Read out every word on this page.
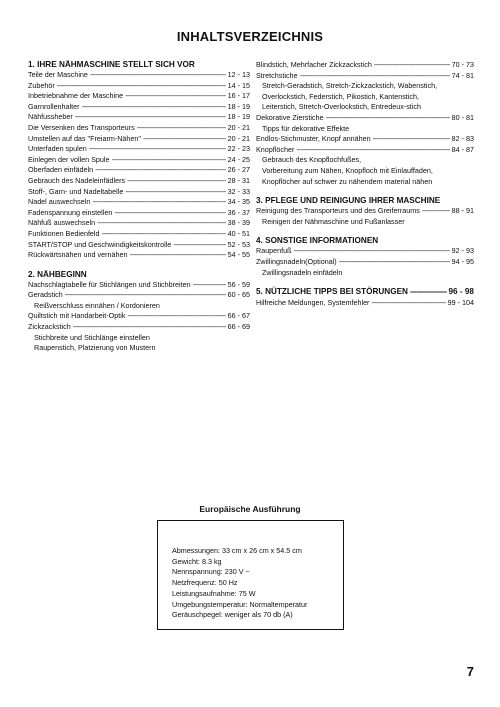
INHALTSVERZEICHNIS
1. IHRE NÄHMASCHINE STELLT SICH VOR
Teile der Maschine -----	12 - 13
Zubehör -----	14 - 15
Inbetriebnahme der Maschine -----	16 - 17
Garnrollenhalter -----	18 - 19
Nähfussheber -----	18 - 19
Die Versenken des Transporteurs -----	20 - 21
Umstellen auf das "Freiarm-Nähen" -----	20 - 21
Unterfaden spulen -----	22 - 23
Einlegen der vollen Spule -----	24 - 25
Oberfaden einfädeln -----	26 - 27
Gebrauch des Nadeleinfädlers -----	28 - 31
Stoff-, Garn- und Nadeltabelle -----	32 - 33
Nadel auswechseln -----	34 - 35
Fadenspannung einstellen -----	36 - 37
Nähfuß auswechseln -----	38 - 39
Funktionen Bedienfeld -----	40 - 51
START/STOP und Geschwindigkeitskontrolle -----	52 - 53
Rückwärtsnähen und vernähen -----	54 - 55
2. NÄHBEGINN
Nachschlagtabelle für Stichlängen und Stichbreiten -----	56 - 59
Geradstich -----	60 - 65
Reißverschluss einnähen / Kordonieren
Quiltstich mit Handarbeit-Optik -----	66 - 67
Zickzackstich -----	66 - 69
Stichbreite und Stichlänge einstellen
Raupenstich, Platzierung von Mustern
Blindstich, Mehrfacher Zickzackstich -----	70 - 73
Stretchstiche -----	74 - 81
Stretch-Geradstich, Stretch-Zickzackstich, Wabenstich,
Overlockstich, Federstich, Pikostich, Kantenstich,
Leiterstich, Stretch-Overlockstich, Entredeux-stich
Dekorative Zierstiche -----	80 - 81
Tipps für dekorative Effekte
Endlos-Stichmuster, Knopf annähen -----	82 - 83
Knopflöcher -----	84 - 87
Gebrauch des Knopflochfußes,
Vorbereitung zum Nähen, Knopfloch mit Einlauffaden,
Knopflöcher auf schwer zu nähendem material nähen
3. PFLEGE UND REINIGUNG IHRER MASCHINE
Reinigung des Transporteurs und des Greiferraums -----	88 - 91
Reinigen der Nähmaschine und Fußanlasser
4. SONSTIGE INFORMATIONEN
Raupenfuß -----	92 - 93
Zwillingsnadeln(Optional) -----	94 - 95
Zwillingsnadeln einfädeln
5. NÜTZLICHE TIPPS BEI STÖRUNGEN -----	96 - 98
Hilfreiche Meldungen, Systemfehler -----	99 - 104
Europäische Ausführung
Abmessungen: 33 cm x 26 cm x 54.5 cm
Gewicht: 8.3 kg
Nennspannung: 230 V ~
Netzfrequenz: 50 Hz
Leistungsaufnahme: 75 W
Umgebungstemperatur: Normaltemperatur
Geräuschpegel: weniger als 70 db (A)
7
